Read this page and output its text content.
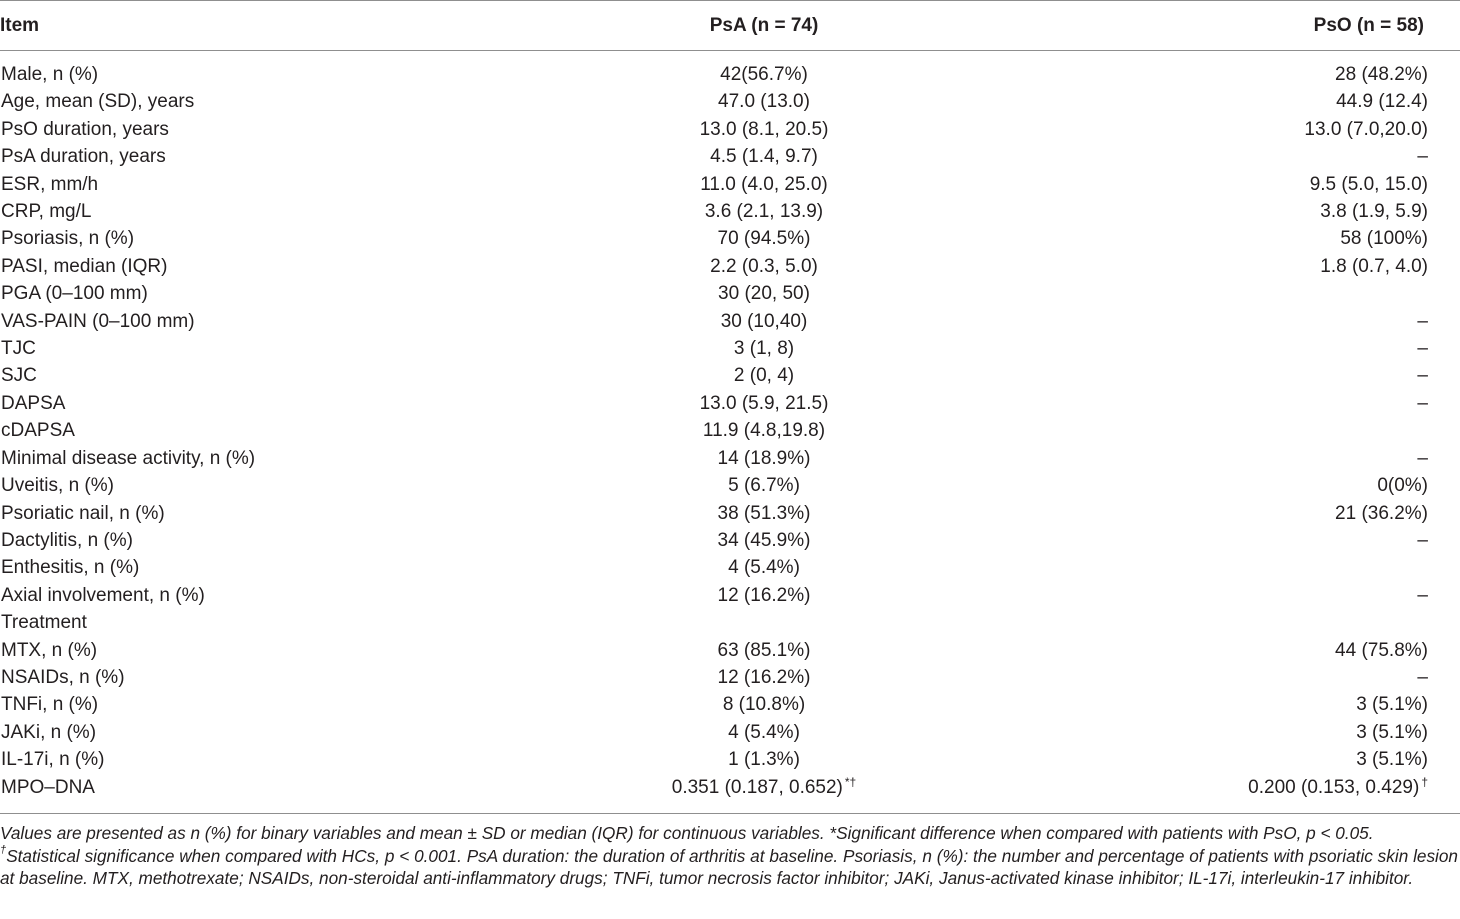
Item	PsA (n = 74)	PsO (n = 58)
Male, n (%)	42(56.7%)	28 (48.2%)
Age, mean (SD), years	47.0 (13.0)	44.9 (12.4)
PsO duration, years	13.0 (8.1, 20.5)	13.0 (7.0,20.0)
PsA duration, years	4.5 (1.4, 9.7)	–
ESR, mm/h	11.0 (4.0, 25.0)	9.5 (5.0, 15.0)
CRP, mg/L	3.6 (2.1, 13.9)	3.8 (1.9, 5.9)
Psoriasis, n (%)	70 (94.5%)	58 (100%)
PASI, median (IQR)	2.2 (0.3, 5.0)	1.8 (0.7, 4.0)
PGA (0–100 mm)	30 (20, 50)	
VAS-PAIN (0–100 mm)	30 (10,40)	–
TJC	3 (1, 8)	–
SJC	2 (0, 4)	–
DAPSA	13.0 (5.9, 21.5)	–
cDAPSA	11.9 (4.8,19.8)	
Minimal disease activity, n (%)	14 (18.9%)	–
Uveitis, n (%)	5 (6.7%)	0(0%)
Psoriatic nail, n (%)	38 (51.3%)	21 (36.2%)
Dactylitis, n (%)	34 (45.9%)	–
Enthesitis, n (%)	4 (5.4%)	
Axial involvement, n (%)	12 (16.2%)	–
Treatment		
MTX, n (%)	63 (85.1%)	44 (75.8%)
NSAIDs, n (%)	12 (16.2%)	–
TNFi, n (%)	8 (10.8%)	3 (5.1%)
JAKi, n (%)	4 (5.4%)	3 (5.1%)
IL-17i, n (%)	1 (1.3%)	3 (5.1%)
MPO–DNA	0.351 (0.187, 0.652) *†	0.200 (0.153, 0.429) †
Values are presented as n (%) for binary variables and mean ± SD or median (IQR) for continuous variables. *Significant difference when compared with patients with PsO, p < 0.05.
†Statistical significance when compared with HCs, p < 0.001. PsA duration: the duration of arthritis at baseline. Psoriasis, n (%): the number and percentage of patients with psoriatic skin lesion at baseline. MTX, methotrexate; NSAIDs, non-steroidal anti-inflammatory drugs; TNFi, tumor necrosis factor inhibitor; JAKi, Janus-activated kinase inhibitor; IL-17i, interleukin-17 inhibitor.
